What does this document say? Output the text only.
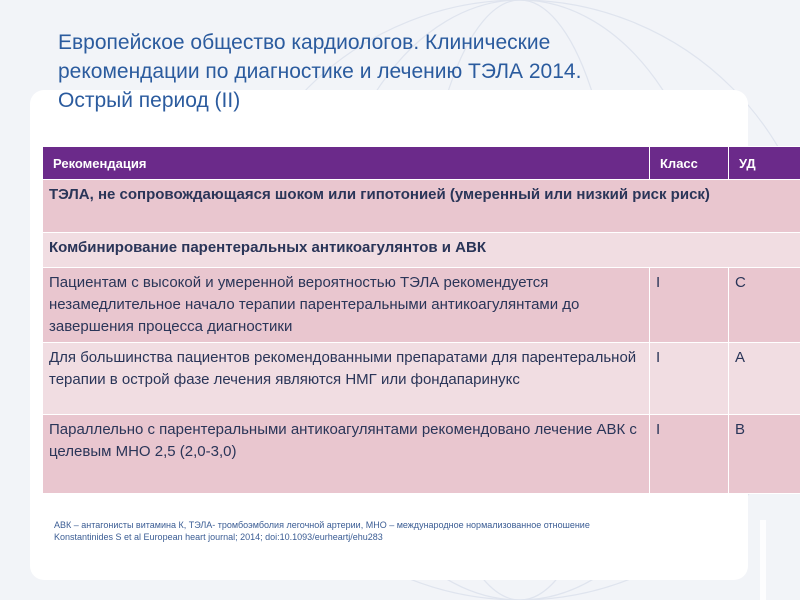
Европейское общество кардиологов. Клинические
рекомендации по диагностике и лечению ТЭЛА 2014.
Острый период (II)
Рекомендация	Класс	УД
ТЭЛА, не сопровождающаяся шоком или гипотонией (умеренный или низкий риск риск)		
Комбинирование парентеральных антикоагулянтов и АВК		
Пациентам с высокой и умеренной вероятностью ТЭЛА рекомендуется незамедлительное начало терапии парентеральными антикоагулянтами до завершения процесса диагностики	I	C
Для большинства пациентов рекомендованными препаратами для парентеральной терапии в острой фазе лечения являются НМГ или фондапаринукс	I	A
Параллельно с парентеральными антикоагулянтами рекомендовано лечение АВК с целевым МНО 2,5 (2,0-3,0)	I	B
АВК – антагонисты витамина К, ТЭЛА- тромбоэмболия легочной артерии, МНО – международное нормализованное отношение
Konstantinides S et al European heart journal; 2014; doi:10.1093/eurheartj/ehu283
